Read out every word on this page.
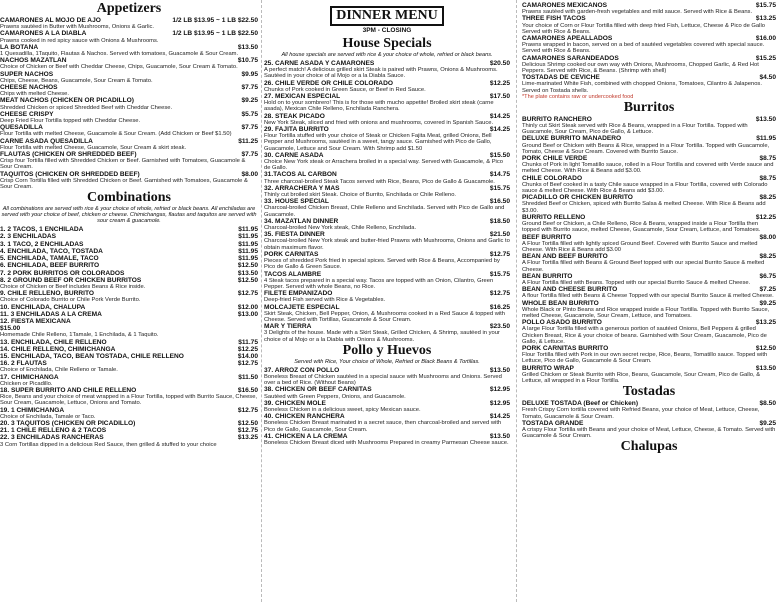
Appetizers
CAMARONES AL MOJO DE AJO	1/2 LB $13.95 ~ 1 LB $22.50
Prawns sautéed in Butter with Mushrooms, Onions & Garlic.
CAMARONES A LA DIABLA	1/2 LB $13.95 ~ 1 LB $22.50
Prawns cooked in red spicy sauce with Onions & Mushrooms.
LA BOTANA	$13.50
1 Quesadilla, 1Taquito, Flautas & Nachos. Served with tomatoes, Guacamole & Sour Cream.
NACHOS MAZATLAN	$10.75
Choice of Chicken or Beef with Cheddar Cheese, Chips, Guacamole, Sour Cream & Tomato.
SUPER NACHOS	$9.95
Chips, Cheese, Beans, Guacamole, Sour Cream & Tomato.
CHEESE NACHOS	$7.75
Chips with melted Cheese.
MEAT NACHOS (CHICKEN OR PICADILLO)	$9.25
Shredded Chicken or spiced Shredded Beef with Cheddar Cheese.
CHEESE CRISPY	$5.75
Deep Fried Flour Tortilla topped with Cheddar Cheese.
QUESADILLA	$7.75
Flour Tortilla with melted Cheese, Guacamole & Sour Cream. (Add Chicken or Beef $1.50)
CARNE ASADA QUESADILLA	$11.25
Flour Tortilla with melted Cheese, Guacamole, Sour Cream & skirt steak.
FLAUTAS (CHICKEN OR SHREDDED BEEF)	$7.75
Crisp four Tortilla filled with Shredded Chicken or Beef. Garnished with Tomatoes, Guacamole & Sour Cream.
TAQUITOS (CHICKEN OR SHREDDED BEEF)	$8.00
Crisp Corn Tortilla filled with Shredded Chicken or Beef. Garnished with Tomatoes, Guacamole & Sour Cream.
Combinations
All combinations are served with rice & your choice of whole, refried or black beans. All enchiladas are served with your choice of beef, chicken or cheese. Chimichangas, flautas and taquitos are served with sour cream & guacamole.
1. 2 TACOS, 1 ENCHILADA	$11.95
2. 3 ENCHILADAS	$11.95
3. 1 TACO, 2 ENCHILADAS	$11.95
4. ENCHILADA, TACO, TOSTADA	$11.95
5. ENCHILADA, TAMALE, TACO	$11.95
6. ENCHILADA, BEEF BURRITO	$12.50
7. 2 PORK BURRITOS OR COLORADOS	$13.50
8. 2 GROUND BEEF OR CHICKEN BURRITOS	$12.50
Choice of Chicken or Beef includes Beans & Rice inside.
9. CHILE RELLENO, BURRITO	$12.75
Choice of Colorado Burrito or Chile Pork Verde Burrito.
10. ENCHILADA, CHALUPA	$12.00
11. 3 ENCHILADAS A LA CREMA	$13.00
12. FIESTA MEXICANA
$15.00
Homemade Chile Relleno, 1Tamale, 1 Enchilada, & 1 Taquito.
13. ENCHILADA, CHILE RELLENO	$11.75
14. CHILE RELLENO, CHIMICHANGA	$12.25
15. ENCHILADA, TACO, BEAN TOSTADA, CHILE RELLENO	$14.00
16. 2 FLAUTAS	$12.75
Choice of Enchilada, Chile Relleno or Tamale.
17. CHIMICHANGA	$11.50
Chicken or Picadillo.
18. SUPER BURRITO AND CHILE RELLENO	$16.50
Rice, Beans and your choice of meat wrapped in a Flour Tortilla, topped with Burrito Sauce, Cheese, Sour Cream, Guacamole, Lettuce, Onions and Tomato.
19. 1 CHIMICHANGA	$12.75
Choice of Enchilada, Tamale or Taco.
20. 3 TAQUITOS (CHICKEN OR PICADILLO)	$12.50
21. 1 CHILE RELLENO & 2 TACOS	$12.75
22. 3 ENCHILADAS RANCHERAS	$13.25
3 Corn Tortillas dipped in a delicious Red Sauce, then grilled & stuffed to your choice
DINNER MENU
3PM - CLOSING
House Specials
All house specials are served with rice & your choice of whole, refried or black beans.
25. CARNE ASADA Y CAMARONES	$20.50
A perfect match! A delicious grilled skirt Steak is paired with Prawns, Onions & Mushrooms. Sautéed in your choice of al Mojo or a la Diabla Sauce.
26. CHILE VERDE OR CHILE COLORADO	$12.25
Chunks of Pork cooked in Green Sauce, or Beef in Red Sauce.
27. MEXICAN ESPECIAL	$17.50
Hold on to your sombrero! This is for those with mucho appetite! Broiled skirt steak (carne asada), Mexican Chile Relleno, Enchilada Ranchera.
28. STEAK PICADO	$14.25
New York Steak, sliced and fried with onions and mushrooms, covered in Spanish Sauce.
29. FAJITA BURRITO	$14.25
Flour Tortilla stuffed with your choice of Steak or Chicken Fajita Meat, grilled Onions, Bell Pepper and Mushrooms, sautéed in a sweet, tangy sauce. Garnished with Pico de Gallo, Guacamole, Lettuce and Sour Cream. With Shrimp add $1.50
30. CARNE ASADA	$15.50
Choice New York steak or Arrachera broiled in a special way. Served with Guacamole, & Pico de Gallo.
31.TACOS AL CARBON	$14.75
Three charcoal-broiled Steak Tacos served with Rice, Beans, Pico de Gallo & Guacamole.
32. ARRACHERA Y MAS	$15.75
Thinly cut broiled skirt Steak. Choice of Burrito, Enchilada or Chile Relleno.
33. HOUSE SPECIAL	$16.50
Charcoal-broiled Chicken Breast, Chile Relleno and Enchilada. Served with Pico de Gallo and Guacamole.
34. MAZATLAN DINNER	$18.50
Charcoal-broiled New York steak, Chile Relleno, Enchilada.
35. FIESTA DINNER	$21.50
Charcoal-broiled New York steak and butter-fried Prawns with Mushrooms, Onions and Garlic to obtain maximum flavor.
PORK CARNITAS	$12.75
Pieces of shredded Pork fried in special spices. Served with Rice & Beans, Accompanied by Pico de Gallo & Green Sauce.
TACOS ALAMBRE	$15.75
4 Steak tacos prepared in a special way. Tacos are topped with an Onion, Cilantro, Green Pepper. Served with whole Beans, no Rice.
FILETE EMPANIZADO	$12.75
Deep-fried Fish served with Rice & Vegetables.
MOLCAJETE ESPECIAL	$16.25
Skirt Steak, Chicken, Bell Pepper, Onion, & Mushrooms cooked in a Red Sauce & topped with Cheese. Served with Tortillas, Guacamole & Sour Cream.
MAR Y TIERRA	$23.50
3 Delights of the house. Made with a Skirt Steak, Grilled Chicken, & Shrimp, sautéed in your choice of al Mojo or a la Diabla with Onions & Mushrooms.
Pollo y Huevos
Served with Rice, Your choice of Whole, Refried or Black Beans & Tortillas.
37. ARROZ CON POLLO	$13.50
Boneless Breast of Chicken sautéed in a special sauce with Mushrooms and Onions. Served over a bed of Rice. (Without Beans)
38. CHICKEN OR BEEF CARNITAS	$12.95
Sautéed with Green Peppers, Onions, and Guacamole.
39. CHICKEN MOLE	$12.95
Boneless Chicken in a delicious sweet, spicy Mexican sauce.
40. CHICKEN RANCHERA	$14.25
Boneless Chicken Breast marinated in a secret sauce, then charcoal-broiled and served with Pico de Gallo, Guacamole, Sour Cream.
41. CHICKEN A LA CREMA	$13.50
Boneless Chicken Breast diced with Mushrooms Prepared in creamy Parmesan Cheese sauce.
CAMARONES MEXICANOS	$15.75
Prawns sautéed with garden-fresh vegetables and mild sauce. Served with Rice & Beans.
THREE FISH TACOS	$13.25
Your choice of Corn or Flour Tortilla filled with deep fried Fish, Lettuce, Cheese & Pico de Gallo Served with Rice & Beans.
CAMARONES APEALLADOS	$16.00
Prawns wrapped in bacon, served on a bed of sautéed vegetables covered with special sauce. Served with Rice & Beans.
CAMARONES SARANDEADOS	$15.25
Delicious Shrimp cooked our own way with Onions, Mushrooms, Chopped Garlic, & Red Hot Peppers. Served with Rice, & Beans. (Shrimp with shell)
TOSTADAS DE CEVICHE	$4.50
Lime-marinated White Fish, combined with chopped Onions, Tomatoes, Cilantro & Jalapenos. Served on Tostada shells.
*The plate contains raw or undercooked food
Burritos
BURRITO RANCHERO	$13.50
Thinly cut Skirt Steak served with Rice & Beans, wrapped in a Flour Tortilla. Topped with Guacamole, Sour Cream, Pico de Gallo, & Lettuce.
DELUXE BURRITO MANADERO	$11.95
Ground Beef or Chicken with Beans & Rice, wrapped in a Flour Tortilla. Topped with Guacamole, Tomato, Cheese & Sour Cream. Covered with Burrito Sauce.
PORK CHILE VERDE	$8.75
Chunks of Pork in light Tomatillo sauce, rolled in a Flour Tortilla and covered with Verde sauce and melted Cheese. With Rice & Beans add $3.00.
CHILE COLORADO	$8.75
Chunks of Beef cooked in a tasty Chile sauce wrapped in a Flour Tortilla, covered with Colorado sauce & melted Cheese. With Rice & Beans add $3.00.
PICADILLO OR CHICKEN BURRITO	$8.25
Shredded Beef or Chicken, spiced with Burrito Salsa & melted Cheese. With Rice & Beans add $3.00.
BURRITO RELLENO	$12.25
Ground Beef or Chicken, a Chile Relleno, Rice & Beans, wrapped inside a Flour Tortilla then topped with Burrito sauce, melted Cheese, Guacamole, Sour Cream, Lettuce, and Tomatoes.
BEEF BURRITO	$8.00
A Flour Tortilla filled with lightly spiced Ground Beef. Covered with Burrito Sauce and melted Cheese. With Rice & Beans add $3.00
BEAN AND BEEF BURRITO	$8.25
A Flour Tortilla filled with Beans & Ground Beef topped with our special Burrito Sauce & melted Cheese.
BEAN BURRITO	$6.75
A Flour Tortilla filled with Beans. Topped with our special Burrito Sauce & melted Cheese.
BEAN AND CHEESE BURRITO	$7.25
A flour Tortilla filled with Beans & Cheese Topped with our special Burrito Sauce & melted Cheese.
WHOLE BEAN BURRITO	$9.25
Whole Black or Pinto Beans and Rice wrapped inside a Flour Tortilla. Topped with Burrito Sauce, melted Cheese, Guacamole, Sour Cream, Lettuce, and Tomatoes.
POLLO ASADO BURRITO	$13.25
A large Flour Tortilla filled with a generous portion of sautéed Onions, Bell Peppers & grilled Chicken Breast, Rice & your choice of beans. Garnished with Sour Cream, Guacamole, Pico de Gallo, & Lettuce.
PORK CARNITAS BURRITO	$12.50
Flour Tortilla filled with Pork in our own secret recipe, Rice, Beans, Tomatillo sauce. Topped with Lettuce, Pico de Gallo, Guacamole & Sour Cream.
BURRITO WRAP	$13.50
Grilled Chicken or Steak Burrito with Rice, Beans, Guacamole, Sour Cream, Pico de Gallo, & Lettuce, all wrapped in a Flour Tortilla.
Tostadas
DELUXE TOSTADA (Beef or Chicken)	$8.50
Fresh Crispy Corn tortilla covered with Refried Beans, your choice of Meat, Lettuce, Cheese, Tomato, Guacamole & Sour Cream.
TOSTADA GRANDE	$9.25
A crispy Flour Tortilla with Beans and your choice of Meat, Lettuce, Cheese, & Tomato. Served with Guacamole & Sour Cream.
Chalupas
